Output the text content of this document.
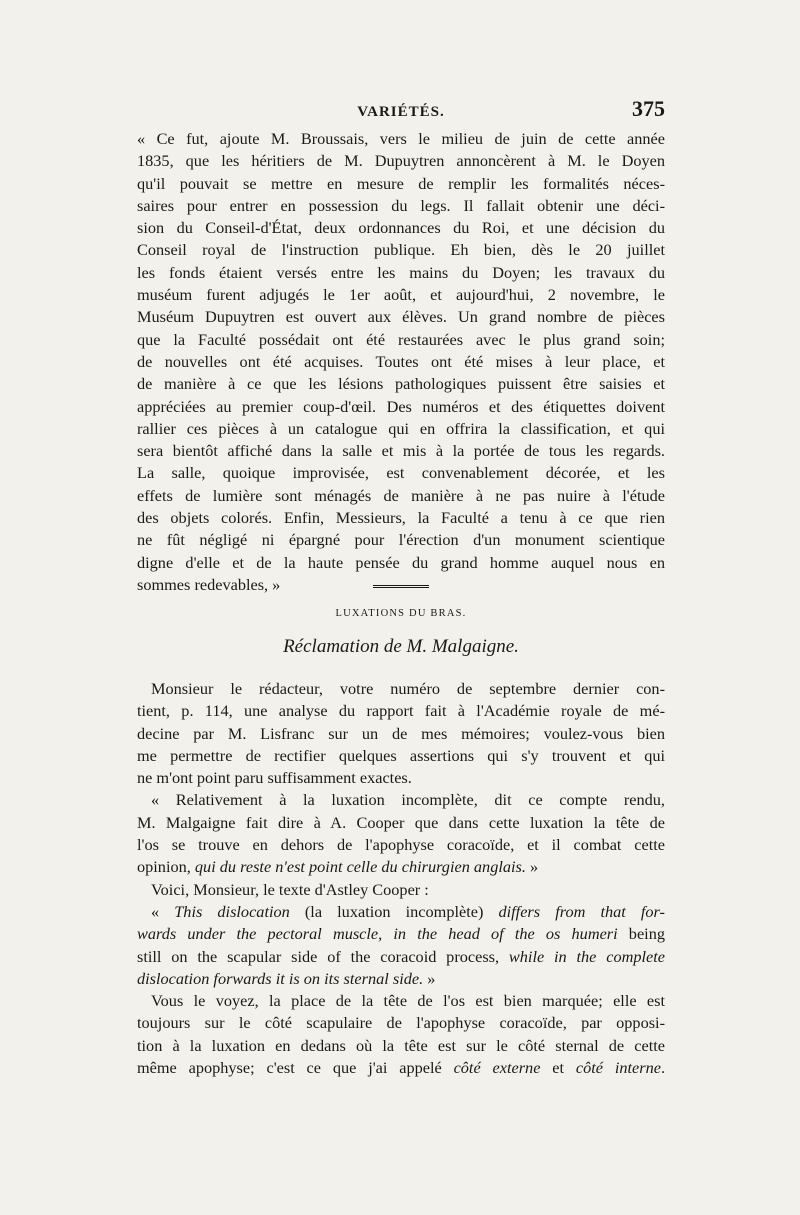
VARIÉTÉS.	375
« Ce fut, ajoute M. Broussais, vers le milieu de juin de cette année
1835, que les héritiers de M. Dupuytren annoncèrent à M. le Doyen
qu'il pouvait se mettre en mesure de remplir les formalités néces-
saires pour entrer en possession du legs. Il fallait obtenir une déci-
sion du Conseil-d'État, deux ordonnances du Roi, et une décision du
Conseil royal de l'instruction publique. Eh bien, dès le 20 juillet
les fonds étaient versés entre les mains du Doyen; les travaux du
muséum furent adjugés le 1er août, et aujourd'hui, 2 novembre, le
Muséum Dupuytren est ouvert aux élèves. Un grand nombre de pièces
que la Faculté possédait ont été restaurées avec le plus grand soin;
de nouvelles ont été acquises. Toutes ont été mises à leur place, et
de manière à ce que les lésions pathologiques puissent être saisies et
appréciées au premier coup-d'œil. Des numéros et des étiquettes doivent
rallier ces pièces à un catalogue qui en offrira la classification, et qui
sera bientôt affiché dans la salle et mis à la portée de tous les regards.
La salle, quoique improvisée, est convenablement décorée, et les
effets de lumière sont ménagés de manière à ne pas nuire à l'étude
des objets colorés. Enfin, Messieurs, la Faculté a tenu à ce que rien
ne fût négligé ni épargné pour l'érection d'un monument scientique
digne d'elle et de la haute pensée du grand homme auquel nous en
sommes redevables, »
LUXATIONS DU BRAS.
Réclamation de M. Malgaigne.
Monsieur le rédacteur, votre numéro de septembre dernier con-
tient, p. 114, une analyse du rapport fait à l'Académie royale de mé-
decine par M. Lisfranc sur un de mes mémoires; voulez-vous bien
me permettre de rectifier quelques assertions qui s'y trouvent et qui
ne m'ont point paru suffisamment exactes.
« Relativement à la luxation incomplète, dit ce compte rendu,
M. Malgaigne fait dire à A. Cooper que dans cette luxation la tête de
l'os se trouve en dehors de l'apophyse coracoïde, et il combat cette
opinion, qui du reste n'est point celle du chirurgien anglais. »
Voici, Monsieur, le texte d'Astley Cooper :
« This dislocation (la luxation incomplète) differs from that for-
wards under the pectoral muscle, in the head of the os humeri being
still on the scapular side of the coracoid process, while in the complete
dislocation forwards it is on its sternal side. »
Vous le voyez, la place de la tête de l'os est bien marquée; elle est
toujours sur le côté scapulaire de l'apophyse coracoïde, par opposi-
tion à la luxation en dedans où la tête est sur le côté sternal de cette
même apophyse; c'est ce que j'ai appelé côté externe et côté interne.
